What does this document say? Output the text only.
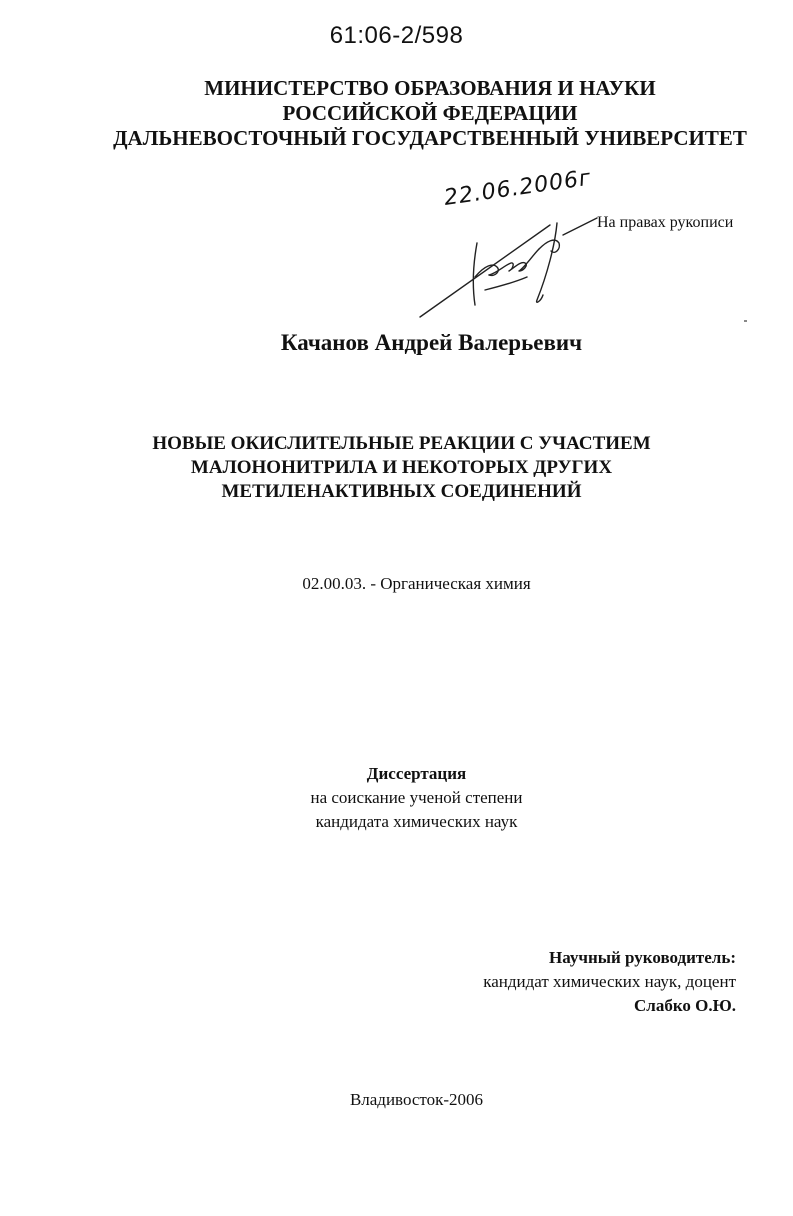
61:06-2/598
МИНИСТЕРСТВО ОБРАЗОВАНИЯ И НАУКИ
РОССИЙСКОЙ ФЕДЕРАЦИИ
ДАЛЬНЕВОСТОЧНЫЙ ГОСУДАРСТВЕННЫЙ УНИВЕРСИТЕТ
22.06.2006г
На правах рукописи
Качанов Андрей Валерьевич
НОВЫЕ ОКИСЛИТЕЛЬНЫЕ РЕАКЦИИ С УЧАСТИЕМ
МАЛОНОНИТРИЛА И НЕКОТОРЫХ ДРУГИХ
МЕТИЛЕНАКТИВНЫХ СОЕДИНЕНИЙ
02.00.03. - Органическая химия
Диссертация
на соискание ученой степени
кандидата химических наук
Научный руководитель:
кандидат химических наук, доцент
Слабко О.Ю.
Владивосток-2006
